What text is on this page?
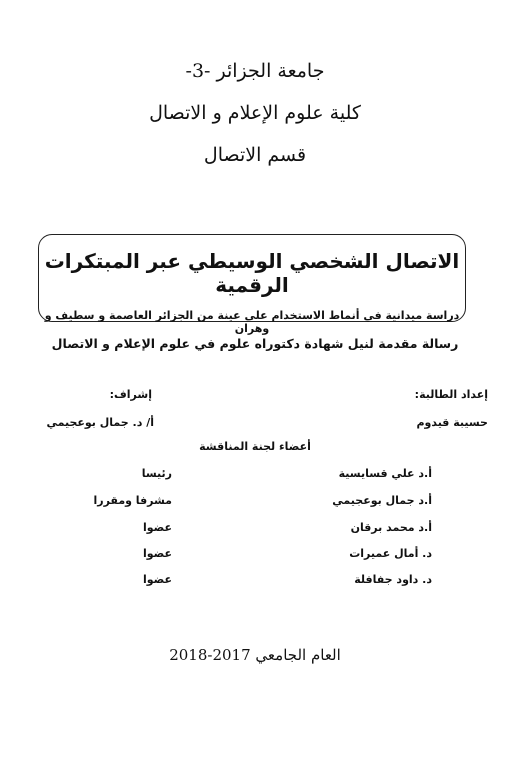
جامعة الجزائر -3-
كلية علوم الإعلام و الاتصال
قسم الاتصال
الاتصال الشخصي الوسيطي عبر المبتكرات الرقمية
دراسة ميدانية في أنماط الاستخدام على عينة من الجزائر العاصمة و سطيف و وهران
رسالة مقدمة لنيل شهادة دكتوراه علوم في علوم الإعلام و الاتصال
إعداد الطالبة:
حسيبة قيدوم
إشراف:
أ/ د. جمال بوعجيمي
أعضاء لجنة المناقشة
أ.د علي قسايسية
رئيسا
أ.د جمال بوعجيمي
مشرفا ومقررا
أ.د محمد برقان
عضوا
د. أمال عميرات
عضوا
د. داود جفافلة
عضوا
العام الجامعي 2017-2018
